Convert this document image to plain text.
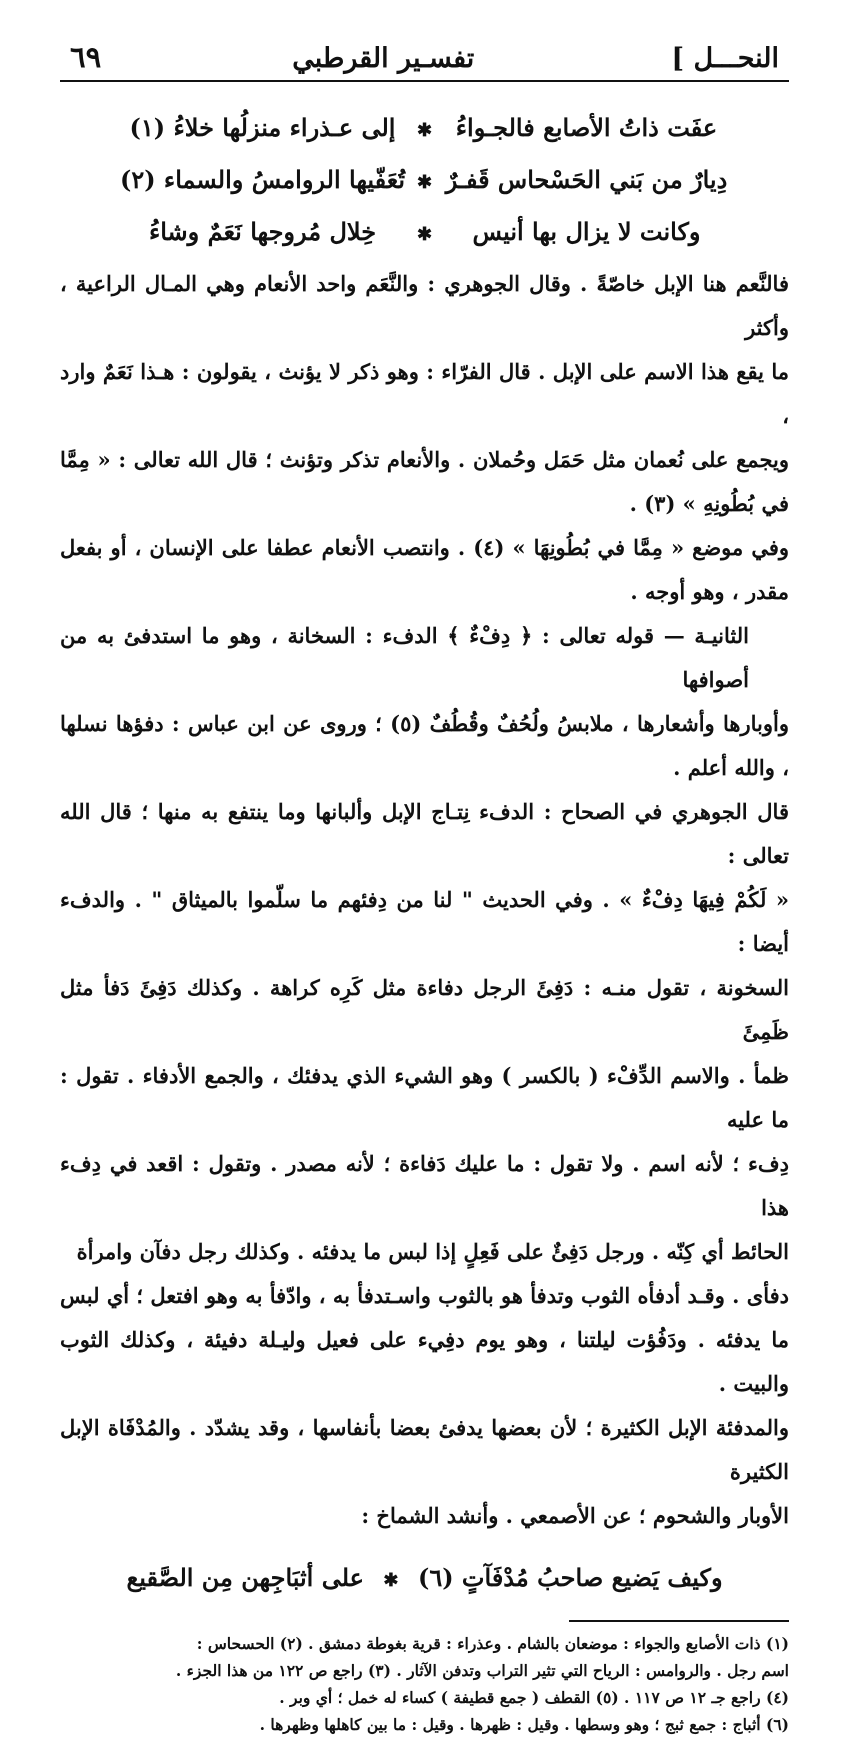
النحـــل ]
تفسـير القرطبي
٦٩
عفَت ذاتُ الأصابع فالجـواءُ
✱
إلى عـذراء منزلُها خلاءُ (١)
دِيارٌ من بَني الحَسْحاس قَفـرٌ
✱
تُعَفّيها الروامسُ والسماء (٢)
وكانت لا يزال بها أنيس
✱
خِلال مُروجها نَعَمٌ وشاءُ

فالنَّعم هنا الإبل خاصّةً . وقال الجوهري : والنَّعَم واحد الأنعام وهي المـال الراعية ، وأكثر

ما يقع هذا الاسم على الإبل . قال الفرّاء : وهو ذكر لا يؤنث ، يقولون : هـذا نَعَمٌ وارد ،

ويجمع على نُعمان مثل حَمَل وحُملان . والأنعام تذكر وتؤنث ؛ قال الله تعالى : « مِمَّا في بُطُونِهِ » (٣) .

وفي موضع « مِمَّا في بُطُونِهَا » (٤) . وانتصب الأنعام عطفا على الإنسان ، أو بفعل مقدر ، وهو أوجه .

الثانيـة — قوله تعالى : ﴿ دِفْءٌ ﴾ الدفء : السخانة ، وهو ما استدفئ به من أصوافها

وأوبارها وأشعارها ، ملابسُ ولُحُفٌ وقُطُفٌ (٥) ؛ وروى عن ابن عباس : دفؤها نسلها ، والله أعلم .

قال الجوهري في الصحاح : الدفء نِتـاج الإبل وألبانها وما ينتفع به منها ؛ قال الله تعالى :

« لَكُمْ فِيهَا دِفْءٌ » . وفي الحديث " لنا من دِفئهم ما سلّموا بالميثاق " . والدفء أيضا :

السخونة ، تقول منـه : دَفِئَ الرجل دفاءة مثل كَرِه كراهة . وكذلك دَفِئَ دَفأ مثل ظَمِئَ

ظمأ . والاسم الدِّفْء ( بالكسر ) وهو الشيء الذي يدفئك ، والجمع الأدفاء . تقول : ما عليه

دِفء ؛ لأنه اسم . ولا تقول : ما عليك دَفاءة ؛ لأنه مصدر . وتقول : اقعد في دِفء هذا

الحائط أي كِنّه . ورجل دَفِئٌ على فَعِلٍ إذا لبس ما يدفئه . وكذلك رجل دفآن وامرأة

دفأى . وقـد أدفأه الثوب وتدفأ هو بالثوب واسـتدفأ به ، وادّفأ به وهو افتعل ؛ أي لبس

ما يدفئه . ودَفُؤت ليلتنا ، وهو يوم دفِيء على فعيل وليـلة دفيئة ، وكذلك الثوب والبيت .

والمدفئة الإبل الكثيرة ؛ لأن بعضها يدفئ بعضا بأنفاسها ، وقد يشدّد . والمُدْفَاة الإبل الكثيرة

الأوبار والشحوم ؛ عن الأصمعي . وأنشد الشماخ :

وكيف يَضيع صاحبُ مُدْفَآتٍ (٦)
✱
على أثبَاجِهن مِن الصَّقيع

(١) ذات الأصابع والجواء : موضعان بالشام . وعذراء : قرية بغوطة دمشق . (٢) الحسحاس :

اسم رجل . والروامس : الرياح التي تثير التراب وتدفن الآثار . (٣) راجع ص ١٢٢ من هذا الجزء .

(٤) راجع جـ ١٢ ص ١١٧ . (٥) القطف ( جمع قطيفة ) كساء له خمل ؛ أي وبر .

(٦) أثباج : جمع ثبج ؛ وهو وسطها . وقيل : ظهرها . وقيل : ما بين كاهلها وظهرها .
